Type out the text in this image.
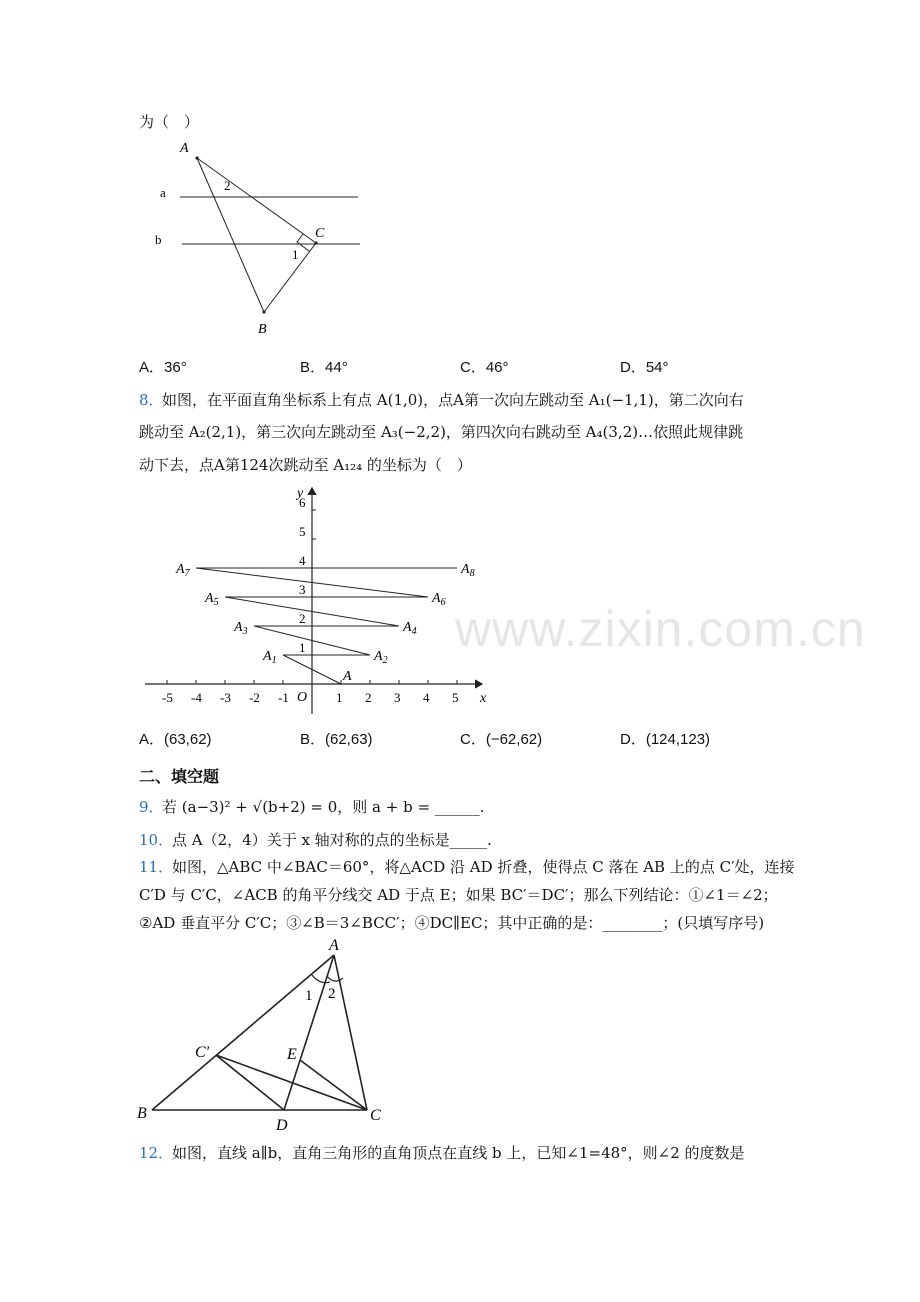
为（　）
A
B
C
a
b
1
2
A．36°	B．44°	C．46°	D．54°
8．
如图，在平面直角坐标系上有点 A(1,0)，点A第一次向左跳动至 A₁(−1,1)，第二次向右
跳动至 A₂(2,1)，第三次向左跳动至 A₃(−2,2)，第四次向右跳动至 A₄(3,2)…依照此规律跳
动下去，点A第124次跳动至 A₁₂₄ 的坐标为（　）
www.zixin.com.cn
-5 -4 -3 -2 -1	1 2 3 4 5
1
2
3
4
5
6
x
y
O
A
$A_1$	$A_2$
$A_3$	$A_4$
$A_5$	$A_6$
$A_7$	$A_8$
A．(63,62)	B．(62,63)	C．(−62,62)	D．(124,123)
二、填空题
9．
若 (a−3)² + √(b+2) = 0，则 a + b = ______.
10．
点 A（2，4）关于 x 轴对称的点的坐标是_____.
11．
如图，△ABC 中∠BAC＝60°，将△ACD 沿 AD 折叠，使得点 C 落在 AB 上的点 C′处，连接
C′D 与 C′C，∠ACB 的角平分线交 AD 于点 E；如果 BC′＝DC′；那么下列结论：①∠1＝∠2；
②AD 垂直平分 C′C；③∠B＝3∠BCC′；④DC∥EC；其中正确的是：________；(只填写序号)
A
B	C
C′
D
E
1 2
12．
如图，直线 a∥b，直角三角形的直角顶点在直线 b 上，已知∠1=48°，则∠2 的度数是
